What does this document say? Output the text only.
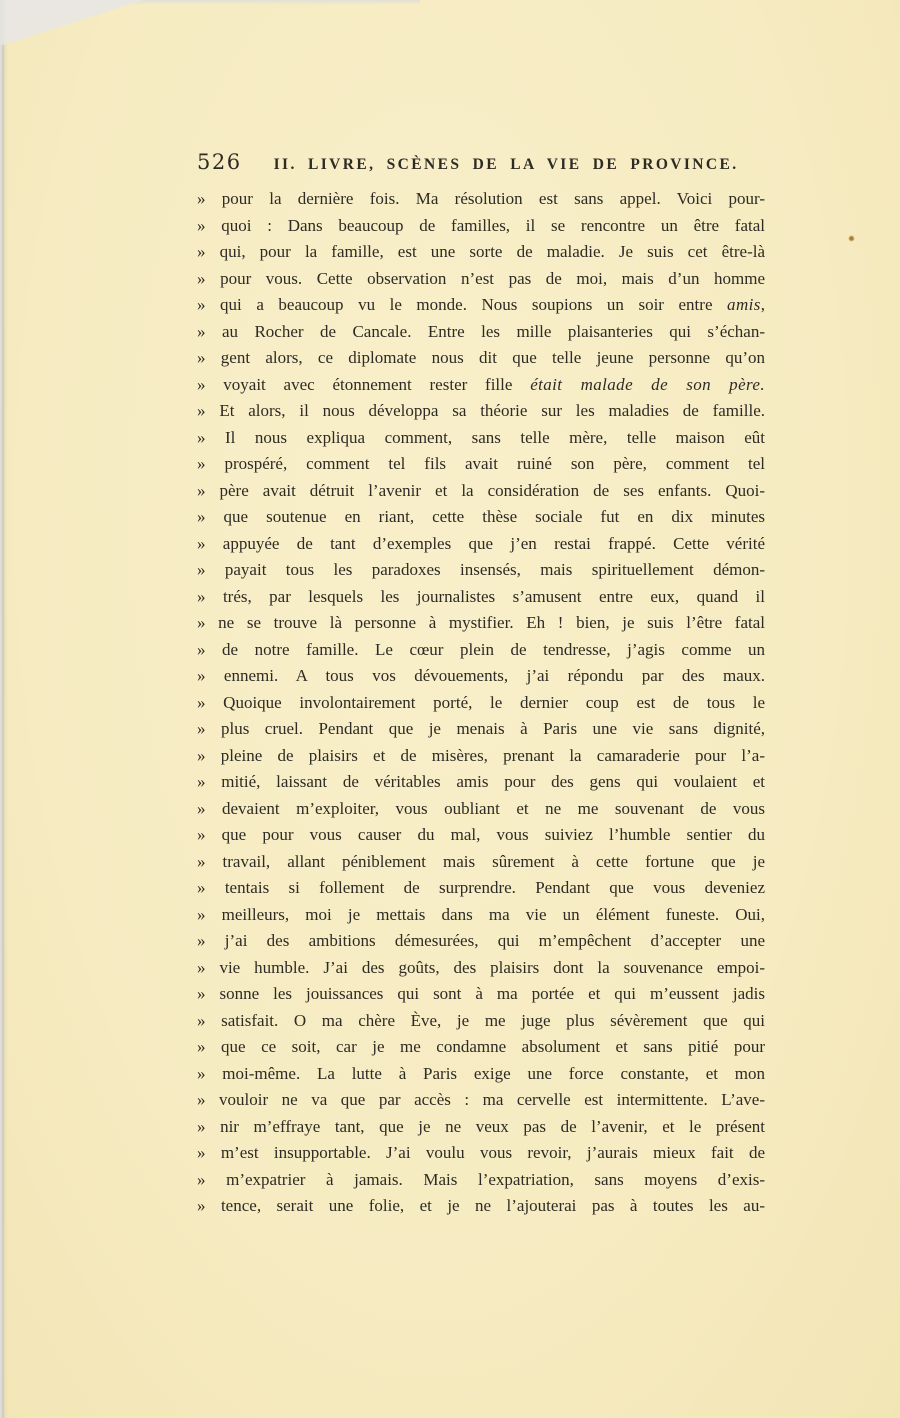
526 II. LIVRE, SCÈNES DE LA VIE DE PROVINCE.
» pour la dernière fois. Ma résolution est sans appel. Voici pour-
» quoi : Dans beaucoup de familles, il se rencontre un être fatal
» qui, pour la famille, est une sorte de maladie. Je suis cet être-là
» pour vous. Cette observation n’est pas de moi, mais d’un homme
» qui a beaucoup vu le monde. Nous soupions un soir entre amis,
» au Rocher de Cancale. Entre les mille plaisanteries qui s’échan-
» gent alors, ce diplomate nous dit que telle jeune personne qu’on
» voyait avec étonnement rester fille était malade de son père.
» Et alors, il nous développa sa théorie sur les maladies de famille.
» Il nous expliqua comment, sans telle mère, telle maison eût
» prospéré, comment tel fils avait ruiné son père, comment tel
» père avait détruit l’avenir et la considération de ses enfants. Quoi-
» que soutenue en riant, cette thèse sociale fut en dix minutes
» appuyée de tant d’exemples que j’en restai frappé. Cette vérité
» payait tous les paradoxes insensés, mais spirituellement démon-
» trés, par lesquels les journalistes s’amusent entre eux, quand il
» ne se trouve là personne à mystifier. Eh ! bien, je suis l’être fatal
» de notre famille. Le cœur plein de tendresse, j’agis comme un
» ennemi. A tous vos dévouements, j’ai répondu par des maux.
» Quoique involontairement porté, le dernier coup est de tous le
» plus cruel. Pendant que je menais à Paris une vie sans dignité,
» pleine de plaisirs et de misères, prenant la camaraderie pour l’a-
» mitié, laissant de véritables amis pour des gens qui voulaient et
» devaient m’exploiter, vous oubliant et ne me souvenant de vous
» que pour vous causer du mal, vous suiviez l’humble sentier du
» travail, allant péniblement mais sûrement à cette fortune que je
» tentais si follement de surprendre. Pendant que vous deveniez
» meilleurs, moi je mettais dans ma vie un élément funeste. Oui,
» j’ai des ambitions démesurées, qui m’empêchent d’accepter une
» vie humble. J’ai des goûts, des plaisirs dont la souvenance empoi-
» sonne les jouissances qui sont à ma portée et qui m’eussent jadis
» satisfait. O ma chère Ève, je me juge plus sévèrement que qui
» que ce soit, car je me condamne absolument et sans pitié pour
» moi-même. La lutte à Paris exige une force constante, et mon
» vouloir ne va que par accès : ma cervelle est intermittente. L’ave-
» nir m’effraye tant, que je ne veux pas de l’avenir, et le présent
» m’est insupportable. J’ai voulu vous revoir, j’aurais mieux fait de
» m’expatrier à jamais. Mais l’expatriation, sans moyens d’exis-
» tence, serait une folie, et je ne l’ajouterai pas à toutes les au-
